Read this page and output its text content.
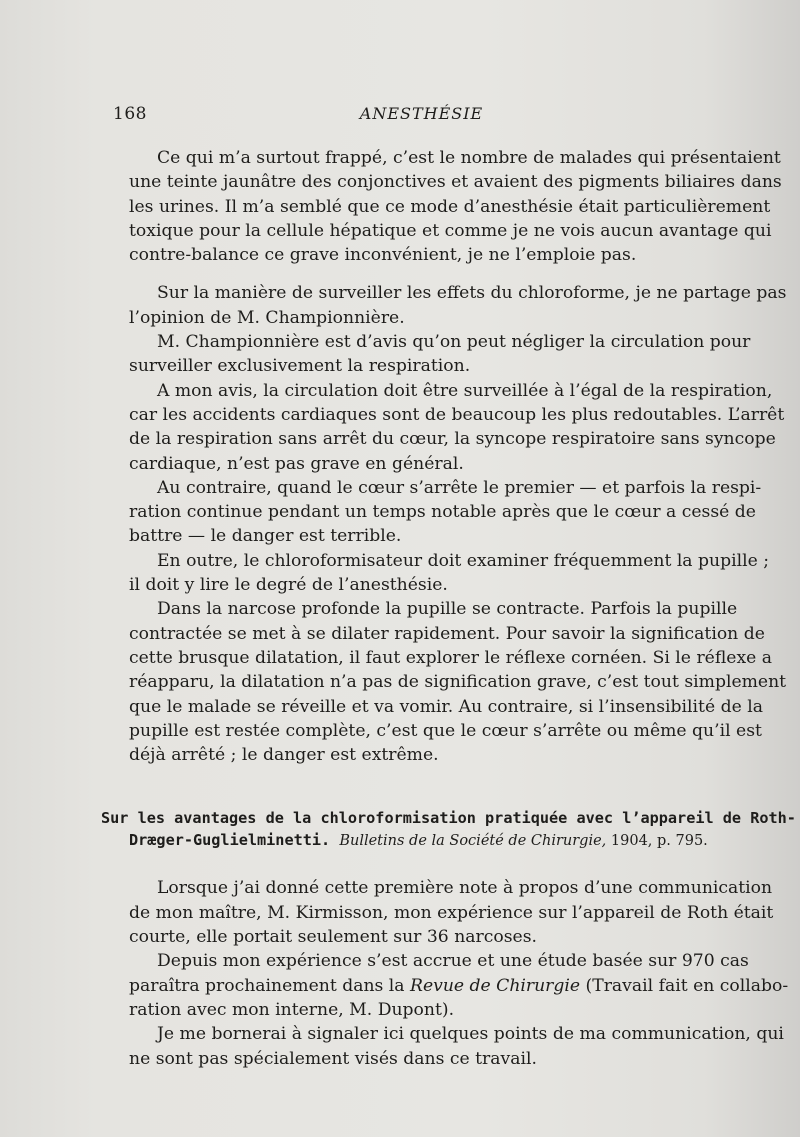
168	ANESTHÉSIE

Ce qui m’a surtout frappé, c’est le nombre de malades qui présentaient
une teinte jaunâtre des conjonctives et avaient des pigments biliaires dans
les urines. Il m’a semblé que ce mode d’anesthésie était particulièrement
toxique pour la cellule hépatique et comme je ne vois aucun avantage qui
contre-balance ce grave inconvénient, je ne l’emploie pas.

Sur la manière de surveiller les effets du chloroforme, je ne partage pas
l’opinion de M. Championnière.

M. Championnière est d’avis qu’on peut négliger la circulation pour
surveiller exclusivement la respiration.

A mon avis, la circulation doit être surveillée à l’égal de la respiration,
car les accidents cardiaques sont de beaucoup les plus redoutables. L’arrêt
de la respiration sans arrêt du cœur, la syncope respiratoire sans syncope
cardiaque, n’est pas grave en général.

Au contraire, quand le cœur s’arrête le premier — et parfois la respi-
ration continue pendant un temps notable après que le cœur a cessé de
battre — le danger est terrible.

En outre, le chloroformisateur doit examiner fréquemment la pupille ;
il doit y lire le degré de l’anesthésie.

Dans la narcose profonde la pupille se contracte. Parfois la pupille
contractée se met à se dilater rapidement. Pour savoir la signification de
cette brusque dilatation, il faut explorer le réflexe cornéen. Si le réflexe a
réapparu, la dilatation n’a pas de signification grave, c’est tout simplement
que le malade se réveille et va vomir. Au contraire, si l’insensibilité de la
pupille est restée complète, c’est que le cœur s’arrête ou même qu’il est
déjà arrêté ; le danger est extrême.

Sur les avantages de la chloroformisation pratiquée avec l’appareil de Roth-
Dræger-Guglielminetti. Bulletins de la Société de Chirurgie, 1904, p. 795.

Lorsque j’ai donné cette première note à propos d’une communication
de mon maître, M. Kirmisson, mon expérience sur l’appareil de Roth était
courte, elle portait seulement sur 36 narcoses.

Depuis mon expérience s’est accrue et une étude basée sur 970 cas
paraîtra prochainement dans la Revue de Chirurgie (Travail fait en collabo-
ration avec mon interne, M. Dupont).

Je me bornerai à signaler ici quelques points de ma communication, qui
ne sont pas spécialement visés dans ce travail.
